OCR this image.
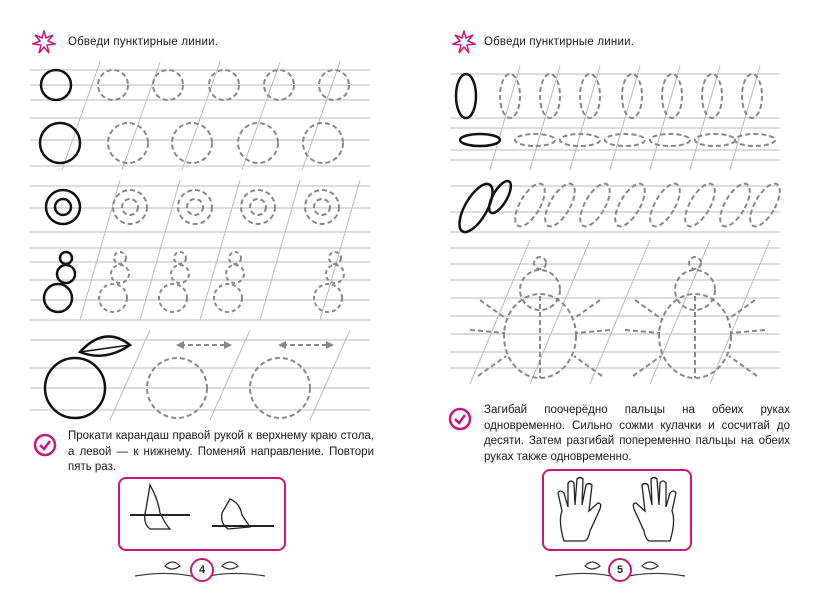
Обведи пунктирные линии.
Прокати карандаш правой рукой к верхнему краю стола, а левой — к нижнему. Поменяй направление. Повтори пять раз.
4
Обведи пунктирные линии.
Загибай поочерёдно пальцы на обеих руках одновременно. Сильно сожми кулачки и сосчитай до десяти. Затем разгибай попеременно пальцы на обеих руках также одновременно.
5
